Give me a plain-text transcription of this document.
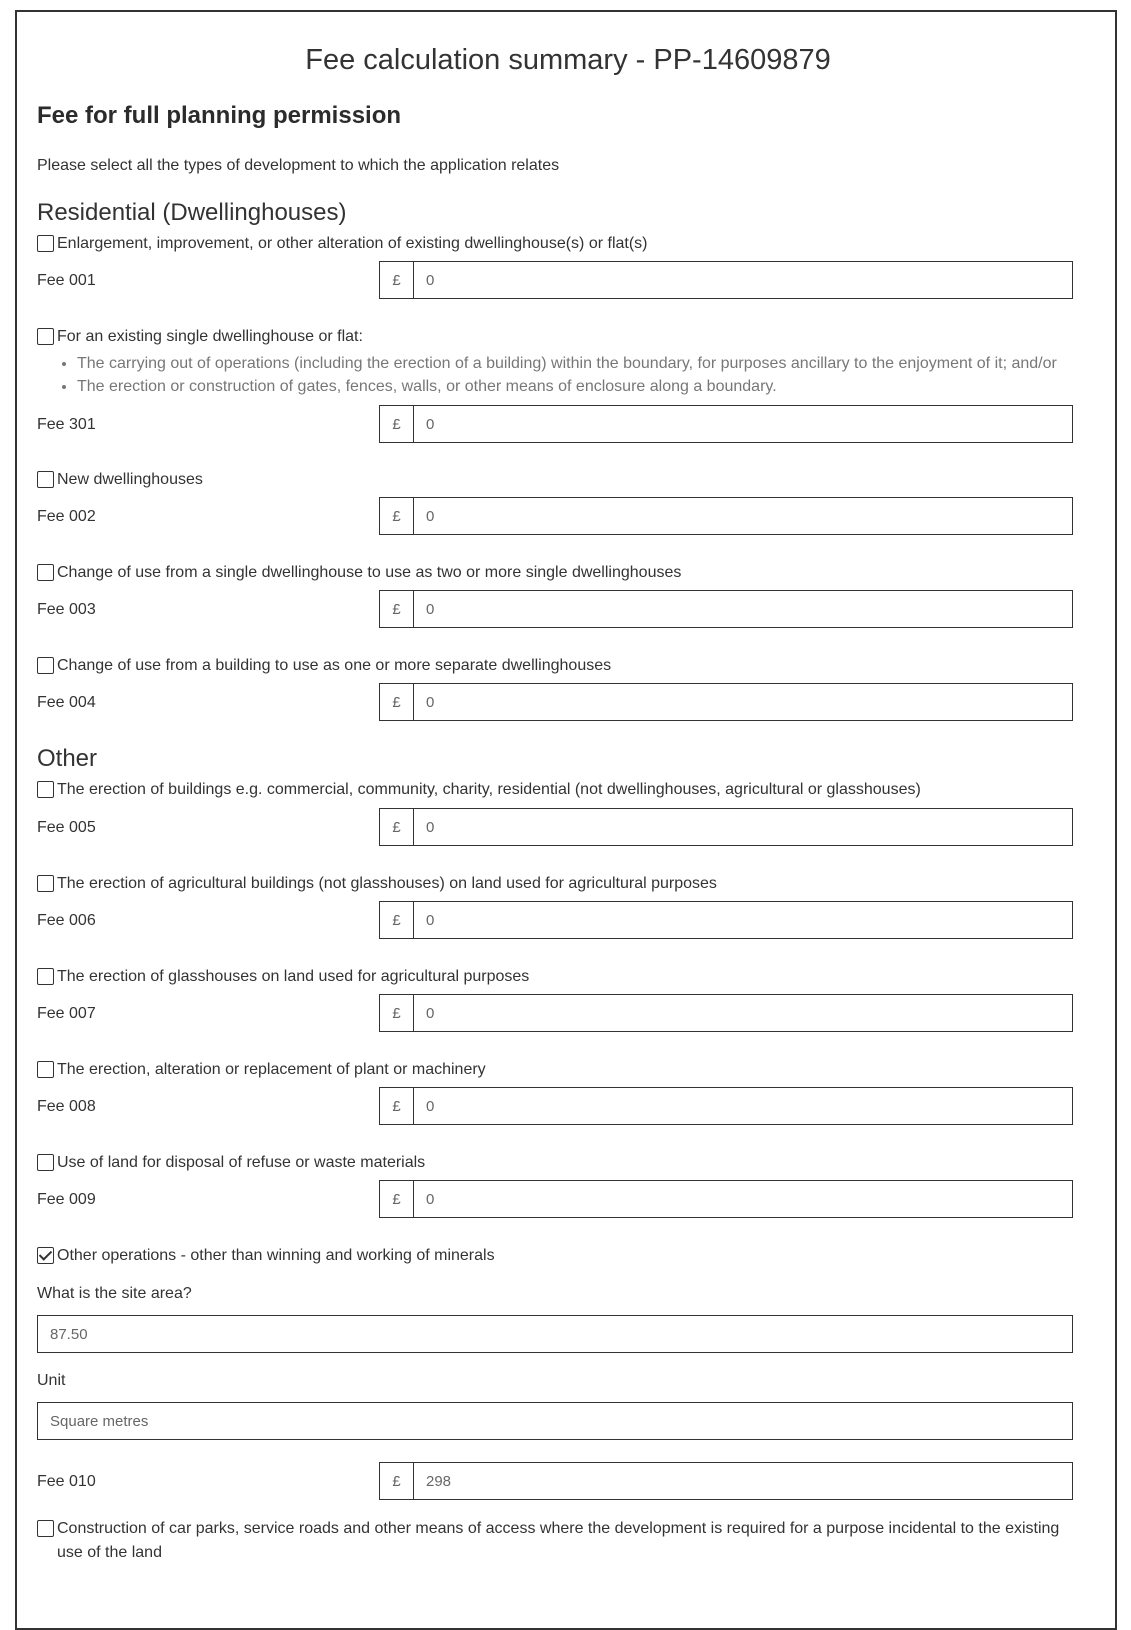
Fee calculation summary - PP-14609879
Fee for full planning permission
Please select all the types of development to which the application relates
Residential (Dwellinghouses)
Enlargement, improvement, or other alteration of existing dwellinghouse(s) or flat(s)
Fee 001	£	0
For an existing single dwellinghouse or flat:
• The carrying out of operations (including the erection of a building) within the boundary, for purposes ancillary to the enjoyment of it; and/or
• The erection or construction of gates, fences, walls, or other means of enclosure along a boundary.
Fee 301	£	0
New dwellinghouses
Fee 002	£	0
Change of use from a single dwellinghouse to use as two or more single dwellinghouses
Fee 003	£	0
Change of use from a building to use as one or more separate dwellinghouses
Fee 004	£	0
Other
The erection of buildings e.g. commercial, community, charity, residential (not dwellinghouses, agricultural or glasshouses)
Fee 005	£	0
The erection of agricultural buildings (not glasshouses) on land used for agricultural purposes
Fee 006	£	0
The erection of glasshouses on land used for agricultural purposes
Fee 007	£	0
The erection, alteration or replacement of plant or machinery
Fee 008	£	0
Use of land for disposal of refuse or waste materials
Fee 009	£	0
Other operations - other than winning and working of minerals
What is the site area?
87.50
Unit
Square metres
Fee 010	£	298
Construction of car parks, service roads and other means of access where the development is required for a purpose incidental to the existing use of the land
